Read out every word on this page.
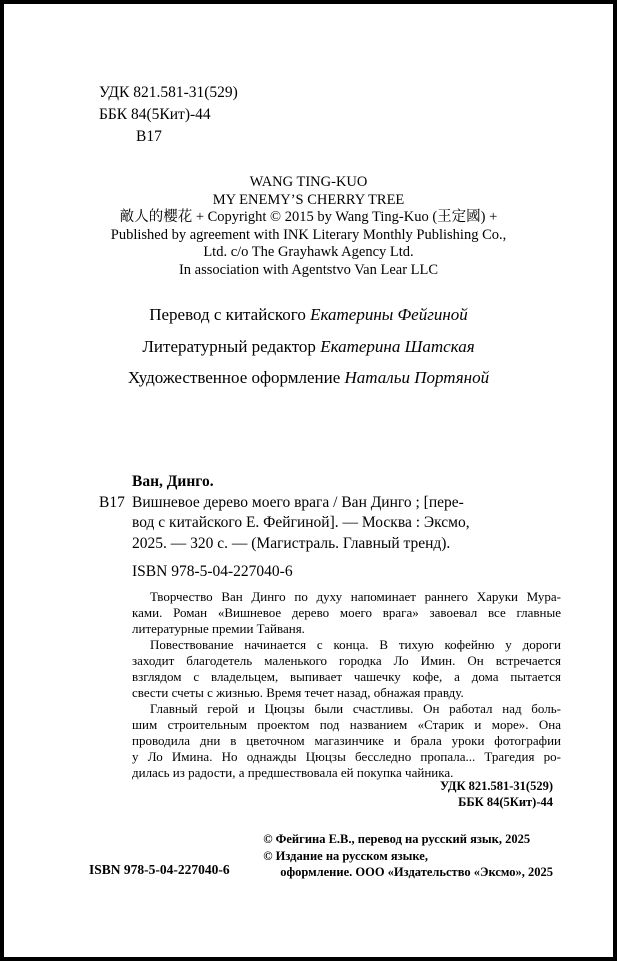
УДК 821.581-31(529)
ББК 84(5Кит)-44
В17
WANG TING-KUO
MY ENEMY’S CHERRY TREE
敵人的櫻花 + Copyright © 2015 by Wang Ting-Kuo (王定國) +
Published by agreement with INK Literary Monthly Publishing Co.,
Ltd. c/o The Grayhawk Agency Ltd.
In association with Agentstvo Van Lear LLC
Перевод с китайского Екатерины Фейгиной
Литературный редактор Екатерина Шатская
Художественное оформление Натальи Портяной
Ван, Динго.
В17 Вишневое дерево моего врага / Ван Динго ; [пере-
вод с китайского Е. Фейгиной]. — Москва : Эксмо,
2025. — 320 с. — (Магистраль. Главный тренд).
ISBN 978-5-04-227040-6
Творчество Ван Динго по духу напоминает раннего Харуки Мура-
ками. Роман «Вишневое дерево моего врага» завоевал все главные
литературные премии Тайваня.
Повествование начинается с конца. В тихую кофейню у дороги
заходит благодетель маленького городка Ло Имин. Он встречается
взглядом с владельцем, выпивает чашечку кофе, а дома пытается
свести счеты с жизнью. Время течет назад, обнажая правду.
Главный герой и Цюцзы были счастливы. Он работал над боль-
шим строительным проектом под названием «Старик и море». Она
проводила дни в цветочном магазинчике и брала уроки фотографии
у Ло Имина. Но однажды Цюцзы бесследно пропала... Трагедия ро-
дилась из радости, а предшествовала ей покупка чайника.
УДК 821.581-31(529)
ББК 84(5Кит)-44
© Фейгина Е.В., перевод на русский язык, 2025
© Издание на русском языке,
оформление. ООО «Издательство «Эксмо», 2025
ISBN 978-5-04-227040-6
